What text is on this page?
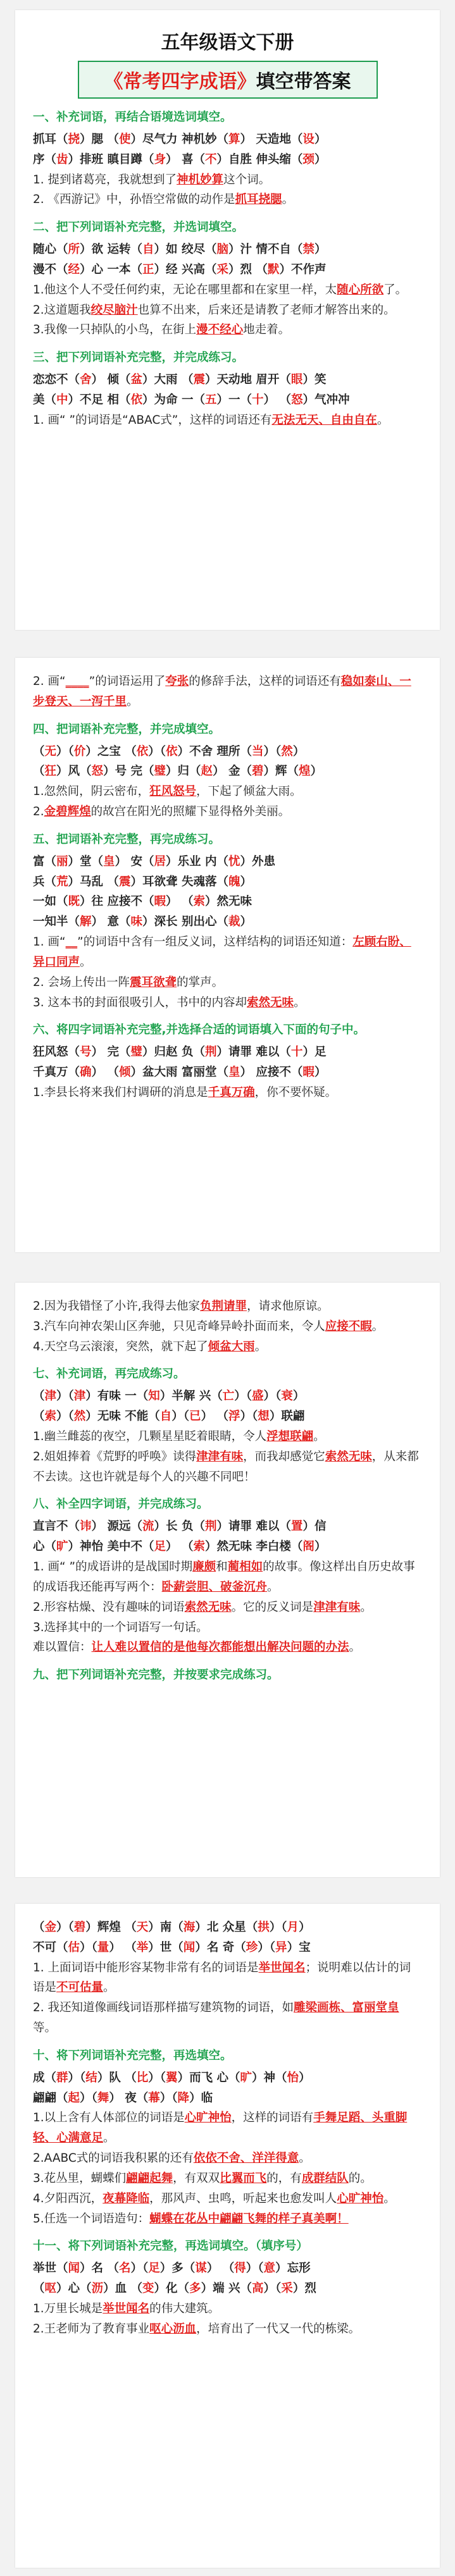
五年级语文下册
《常考四字成语》填空带答案
一、补充词语，再结合语境选词填空。
抓耳（挠）腮 （使）尽气力 神机妙（算） 天造地（设）
序（齿）排班 瞋目蹲（身） 喜（不）自胜 伸头缩（颈）
1. 提到诸葛亮，我就想到了神机妙算这个词。
2. 《西游记》中，孙悟空常做的动作是抓耳挠腮。
二、把下列词语补充完整，并选词填空。
随心（所）欲 运转（自）如 绞尽（脑）汁 情不自（禁）
漫不（经）心 一本（正）经 兴高（采）烈 （默）不作声
1.他这个人不受任何约束，无论在哪里都和在家里一样，太随心所欲了。
2.这道题我绞尽脑汁也算不出来，后来还是请教了老师才解答出来的。
3.我像一只掉队的小鸟，在街上漫不经心地走着。
三、把下列词语补充完整，并完成练习。
恋恋不（舍） 倾（盆）大雨 （震）天动地 眉开（眼）笑
美（中）不足 相（依）为命 一（五）一（十） （怒）气冲冲
1. 画“ ”的词语是“ABAC式”，这样的词语还有无法无天、自由自在。
2. 画“____”的词语运用了夸张的修辞手法，这样的词语还有稳如泰山、一步登天、一泻千里。
四、把词语补充完整，并完成填空。
（无）（价）之宝 （依）（依）不舍 理所（当）（然）
（狂）风（怒）号 完（璧）归（赵） 金（碧）辉（煌）
1.忽然间，阴云密布，狂风怒号，下起了倾盆大雨。
2.金碧辉煌的故宫在阳光的照耀下显得格外美丽。
五、把词语补充完整，再完成练习。
富（丽）堂（皇） 安（居）乐业 内（忧）外患
兵（荒）马乱 （震）耳欲聋 失魂落（魄）
一如（既）往 应接不（暇） （索）然无味
一知半（解） 意（味）深长 别出心（裁）
1. 画“__”的词语中含有一组反义词，这样结构的词语还知道：左顾右盼、异口同声。
2. 会场上传出一阵震耳欲聋的掌声。
3. 这本书的封面很吸引人，书中的内容却索然无味。
六、将四字词语补充完整,并选择合适的词语填入下面的句子中。
狂风怒（号） 完（璧）归赵 负（荆）请罪 难以（十）足
千真万（确） （倾）盆大雨 富丽堂（皇） 应接不（暇）
1.李县长将来我们村调研的消息是千真万确，你不要怀疑。
2.因为我错怪了小许,我得去他家负荆请罪，请求他原谅。
3.汽车向神农架山区奔驰，只见奇峰异岭扑面而来，令人应接不暇。
4.天空乌云滚滚，突然，就下起了倾盆大雨。
七、补充词语，再完成练习。
（津）（津）有味 一（知）半解 兴（亡）（盛）（衰）
（索）（然）无味 不能（自）（已） （浮）（想）联翩
1.幽兰雌蕊的夜空，几颗星星眨着眼睛，令人浮想联翩。
2.姐姐捧着《荒野的呼唤》读得津津有味，而我却感觉它索然无味，从来都不去读。这也许就是每个人的兴趣不同吧！
八、补全四字词语，并完成练习。
直言不（讳） 源远（流）长 负（荆）请罪 难以（置）信
心（旷）神怡 美中不（足） （索）然无味 李白楼（阁）
1. 画“ ”的成语讲的是战国时期廉颇和蔺相如的故事。像这样出自历史故事的成语我还能再写两个：卧薪尝胆、破釜沉舟。
2.形容枯燥、没有趣味的词语索然无味。它的反义词是津津有味。
3.选择其中的一个词语写一句话。
难以置信：让人难以置信的是他每次都能想出解决问题的办法。
九、把下列词语补充完整，并按要求完成练习。
（金）（碧）辉煌 （天）南（海）北 众星（拱）（月）
不可（估）（量） （举）世（闻）名 奇（珍）（异）宝
1. 上面词语中能形容某物非常有名的词语是举世闻名；说明难以估计的词语是不可估量。
2. 我还知道像画线词语那样描写建筑物的词语，如雕梁画栋、富丽堂皇等。
十、将下列词语补充完整，再选填空。
成（群）（结）队 （比）（翼）而飞 心（旷）神（怡）
翩翩（起）（舞） 夜（幕）（降）临
1.以上含有人体部位的词语是心旷神怡，这样的词语有手舞足蹈、头重脚轻、心满意足。
2.AABC式的词语我积累的还有依依不舍、洋洋得意。
3.花丛里，蝴蝶们翩翩起舞，有双双比翼而飞的，有成群结队的。
4.夕阳西沉，夜幕降临，那风声、虫鸣，听起来也愈发叫人心旷神怡。
5.任选一个词语造句：蝴蝶在花丛中翩翩飞舞的样子真美啊！
十一、将下列词语补充完整，再选词填空。（填序号）
举世（闻）名 （名）（足）多（谋） （得）（意）忘形
（呕）心（沥）血 （变）化（多）端 兴（高）（采）烈
1.万里长城是举世闻名的伟大建筑。
2.王老师为了教育事业呕心沥血，培育出了一代又一代的栋梁。
